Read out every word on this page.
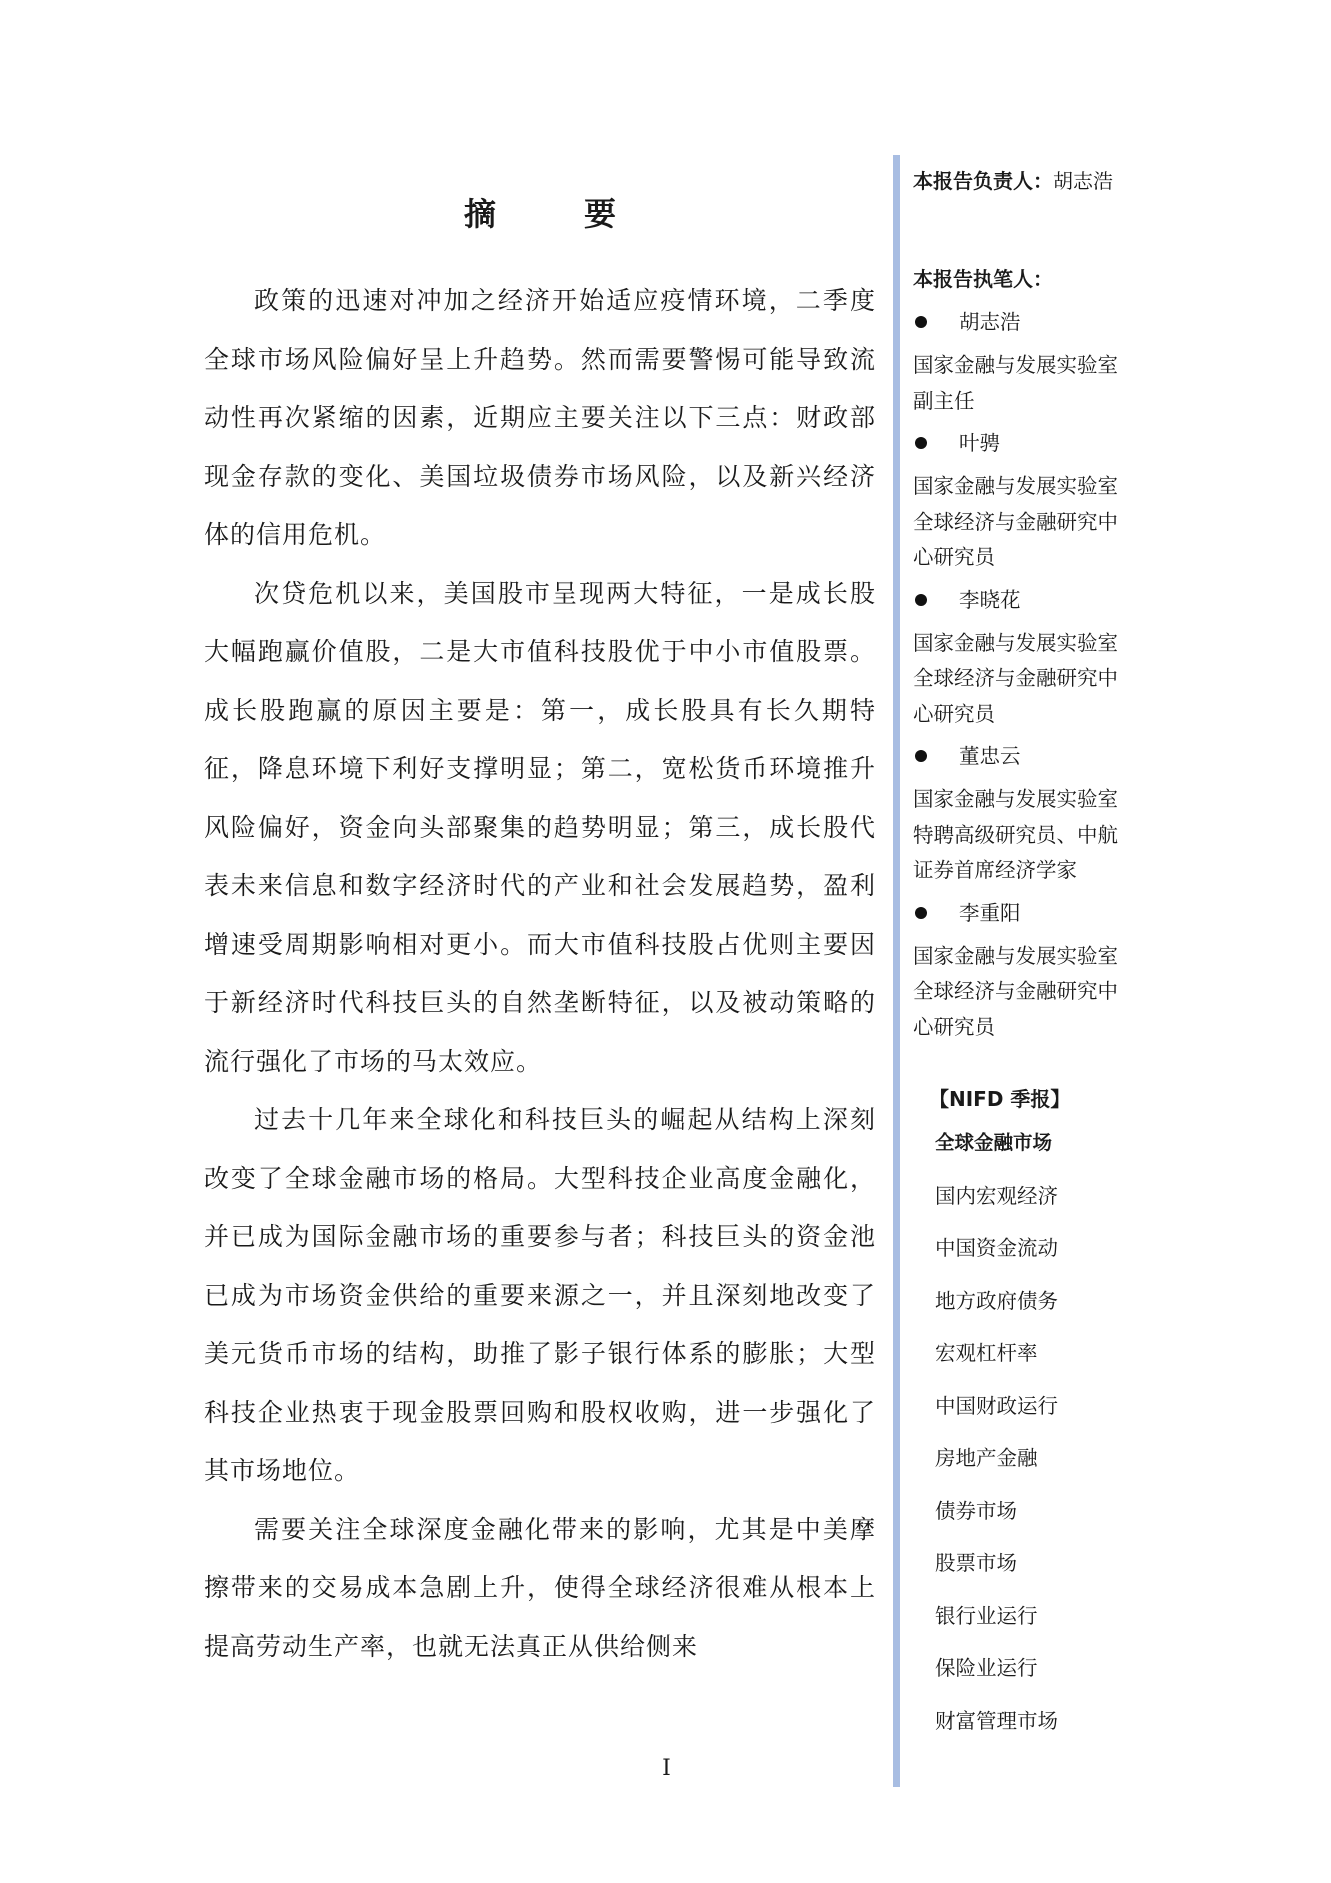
摘　要

政策的迅速对冲加之经济开始适应疫情环境，二季度全球市场风险偏好呈上升趋势。然而需要警惕可能导致流动性再次紧缩的因素，近期应主要关注以下三点：财政部现金存款的变化、美国垃圾债券市场风险，以及新兴经济体的信用危机。

次贷危机以来，美国股市呈现两大特征，一是成长股大幅跑赢价值股，二是大市值科技股优于中小市值股票。成长股跑赢的原因主要是：第一，成长股具有长久期特征，降息环境下利好支撑明显；第二，宽松货币环境推升风险偏好，资金向头部聚集的趋势明显；第三，成长股代表未来信息和数字经济时代的产业和社会发展趋势，盈利增速受周期影响相对更小。而大市值科技股占优则主要因于新经济时代科技巨头的自然垄断特征，以及被动策略的流行强化了市场的马太效应。

过去十几年来全球化和科技巨头的崛起从结构上深刻改变了全球金融市场的格局。大型科技企业高度金融化，并已成为国际金融市场的重要参与者；科技巨头的资金池已成为市场资金供给的重要来源之一，并且深刻地改变了美元货币市场的结构，助推了影子银行体系的膨胀；大型科技企业热衷于现金股票回购和股权收购，进一步强化了其市场地位。

需要关注全球深度金融化带来的影响，尤其是中美摩擦带来的交易成本急剧上升，使得全球经济很难从根本上提高劳动生产率，也就无法真正从供给侧来

I

本报告负责人：胡志浩

本报告执笔人：

胡志浩

国家金融与发展实验室
副主任

叶骋

国家金融与发展实验室
全球经济与金融研究中
心研究员

李晓花

国家金融与发展实验室
全球经济与金融研究中
心研究员

董忠云

国家金融与发展实验室
特聘高级研究员、中航
证券首席经济学家

李重阳

国家金融与发展实验室
全球经济与金融研究中
心研究员

【NIFD 季报】

全球金融市场

国内宏观经济

中国资金流动

地方政府债务

宏观杠杆率

中国财政运行

房地产金融

债券市场

股票市场

银行业运行

保险业运行

财富管理市场
